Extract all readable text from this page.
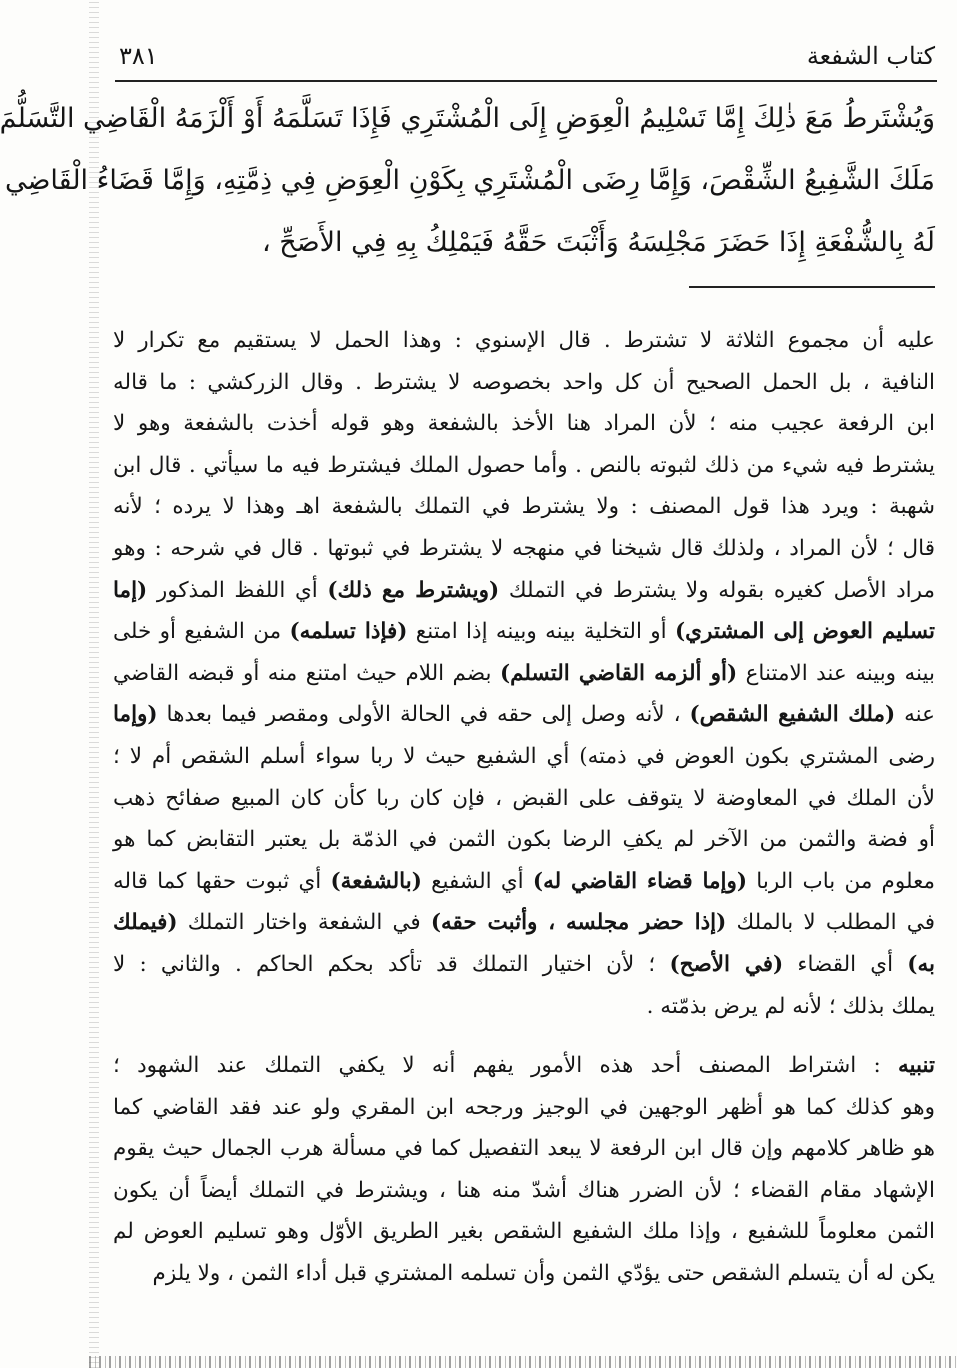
كتاب الشفعة
٣٨١
وَيُشْتَرطُ مَعَ ذٰلِكَ إِمَّا تَسْلِيمُ الْعِوَضِ إِلَى الْمُشْتَرِي فَإِذَا تَسَلَّمَهُ أَوْ أَلْزَمَهُ الْقَاضِي التَّسَلُّمَ
مَلَكَ الشَّفِيعُ الشِّقْصَ، وَإِمَّا رِضَى الْمُشْتَرِي بِكَوْنِ الْعِوَضِ فِي ذِمَّتِهِ، وَإِمَّا قَضَاءُ الْقَاضِي
لَهُ بِالشُّفْعَةِ إِذَا حَضَرَ مَجْلِسَهُ وَأَثْبَتَ حَقَّهُ فَيَمْلِكُ بِهِ فِي الأَصَحِّ ،
عليه أن مجموع الثلاثة لا تشترط . قال الإسنوي : وهذا الحمل لا يستقيم مع تكرار لا
النافية ، بل الحمل الصحيح أن كل واحد بخصوصه لا يشترط . وقال الزركشي : ما قاله
ابن الرفعة عجيب منه ؛ لأن المراد هنا الأخذ بالشفعة وهو قوله أخذت بالشفعة وهو لا
يشترط فيه شيء من ذلك لثبوته بالنص . وأما حصول الملك فيشترط فيه ما سيأتي . قال ابن
شهبة : ويرد هذا قول المصنف : ولا يشترط في التملك بالشفعة اهـ وهذا لا يرده ؛ لأنه
قال ؛ لأن المراد ، ولذلك قال شيخنا في منهجه لا يشترط في ثبوتها . قال في شرحه : وهو
مراد الأصل كغيره بقوله ولا يشترط في التملك (ويشترط مع ذلك) أي اللفظ المذكور (إما
تسليم العوض إلى المشتري) أو التخلية بينه وبينه إذا امتنع (فإذا تسلمه) من الشفيع أو خلى
بينه وبينه عند الامتناع (أو ألزمه القاضي التسلم) بضم اللام حيث امتنع منه أو قبضه القاضي
عنه (ملك الشفيع الشقص) ، لأنه وصل إلى حقه في الحالة الأولى ومقصر فيما بعدها (وإما
رضى المشتري بكون العوض في ذمته) أي الشفيع حيث لا ربا سواء أسلم الشقص أم لا ؛
لأن الملك في المعاوضة لا يتوقف على القبض ، فإن كان ربا كأن كان المبيع صفائح ذهب
أو فضة والثمن من الآخر لم يكفِ الرضا بكون الثمن في الذمّة بل يعتبر التقابض كما هو
معلوم من باب الربا (وإما قضاء القاضي له) أي الشفيع (بالشفعة) أي ثبوت حقها كما قاله
في المطلب لا بالملك (إذا حضر مجلسه ، وأثبت حقه) في الشفعة واختار التملك (فيملك
به) أي القضاء (في الأصح) ؛ لأن اختيار التملك قد تأكد بحكم الحاكم . والثاني : لا
يملك بذلك ؛ لأنه لم يرض بذمّته .
تنبيه : اشتراط المصنف أحد هذه الأمور يفهم أنه لا يكفي التملك عند الشهود ؛
وهو كذلك كما هو أظهر الوجهين في الوجيز ورجحه ابن المقري ولو عند فقد القاضي كما
هو ظاهر كلامهم وإن قال ابن الرفعة لا يبعد التفصيل كما في مسألة هرب الجمال حيث يقوم
الإشهاد مقام القضاء ؛ لأن الضرر هناك أشدّ منه هنا ، ويشترط في التملك أيضاً أن يكون
الثمن معلوماً للشفيع ، وإذا ملك الشفيع الشقص بغير الطريق الأوّل وهو تسليم العوض لم
يكن له أن يتسلم الشقص حتى يؤدّي الثمن وأن تسلمه المشتري قبل أداء الثمن ، ولا يلزم
